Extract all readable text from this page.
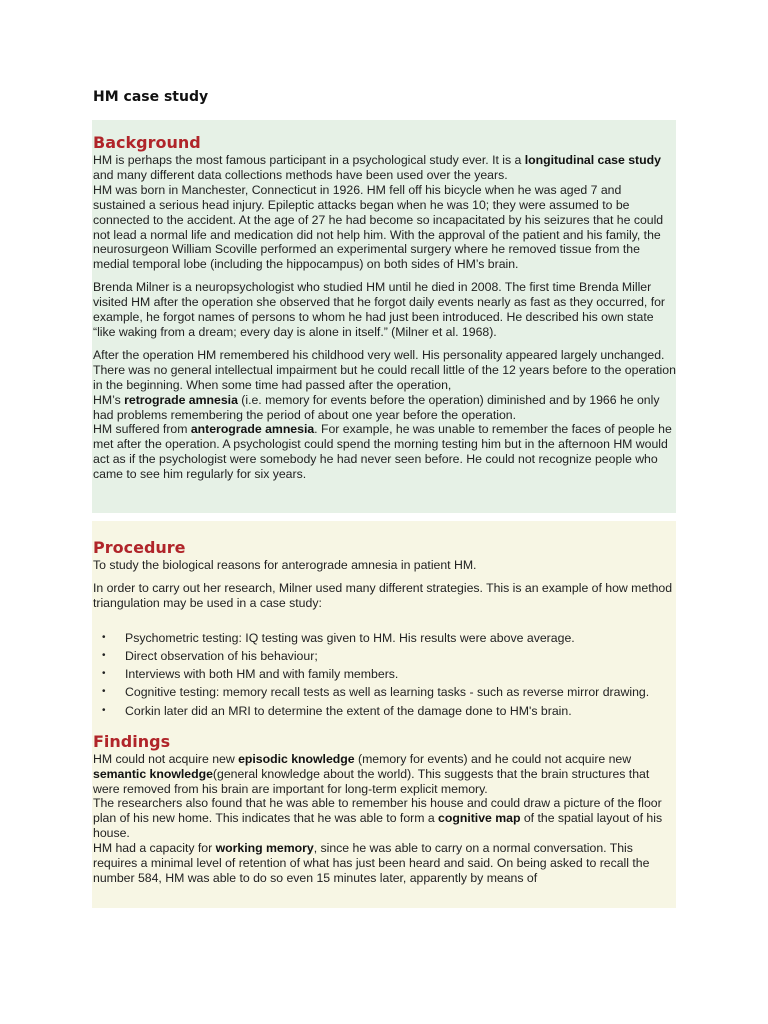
HM case study
Background

HM is perhaps the most famous participant in a psychological study ever. It is a longitudinal case study and many different data collections methods have been used over the years.
HM was born in Manchester, Connecticut in 1926. HM fell off his bicycle when he was aged 7 and sustained a serious head injury. Epileptic attacks began when he was 10; they were assumed to be connected to the accident. At the age of 27 he had become so incapacitated by his seizures that he could not lead a normal life and medication did not help him. With the approval of the patient and his family, the neurosurgeon William Scoville performed an experimental surgery where he removed tissue from the medial temporal lobe (including the hippocampus) on both sides of HM’s brain.

Brenda Milner is a neuropsychologist who studied HM until he died in 2008. The first time Brenda Miller visited HM after the operation she observed that he forgot daily events nearly as fast as they occurred, for example, he forgot names of persons to whom he had just been introduced. He described his own state “like waking from a dream; every day is alone in itself.” (Milner et al. 1968).

After the operation HM remembered his childhood very well. His personality appeared largely unchanged. There was no general intellectual impairment but he could recall little of the 12 years before to the operation in the beginning. When some time had passed after the operation,
HM’s retrograde amnesia (i.e. memory for events before the operation) diminished and by 1966 he only had problems remembering the period of about one year before the operation.
HM suffered from anterograde amnesia. For example, he was unable to remember the faces of people he met after the operation. A psychologist could spend the morning testing him but in the afternoon HM would act as if the psychologist were somebody he had never seen before. He could not recognize people who came to see him regularly for six years.

Procedure

To study the biological reasons for anterograde amnesia in patient HM.

In order to carry out her research, Milner used many different strategies. This is an example of how method triangulation may be used in a case study:

• Psychometric testing: IQ testing was given to HM. His results were above average.
• Direct observation of his behaviour;
• Interviews with both HM and with family members.
• Cognitive testing: memory recall tests as well as learning tasks - such as reverse mirror drawing.
• Corkin later did an MRI to determine the extent of the damage done to HM's brain.
Findings

HM could not acquire new episodic knowledge (memory for events) and he could not acquire new semantic knowledge(general knowledge about the world). This suggests that the brain structures that were removed from his brain are important for long-term explicit memory.

The researchers also found that he was able to remember his house and could draw a picture of the floor plan of his new home. This indicates that he was able to form a cognitive map of the spatial layout of his house.

HM had a capacity for working memory, since he was able to carry on a normal conversation. This requires a minimal level of retention of what has just been heard and said. On being asked to recall the number 584, HM was able to do so even 15 minutes later, apparently by means of
